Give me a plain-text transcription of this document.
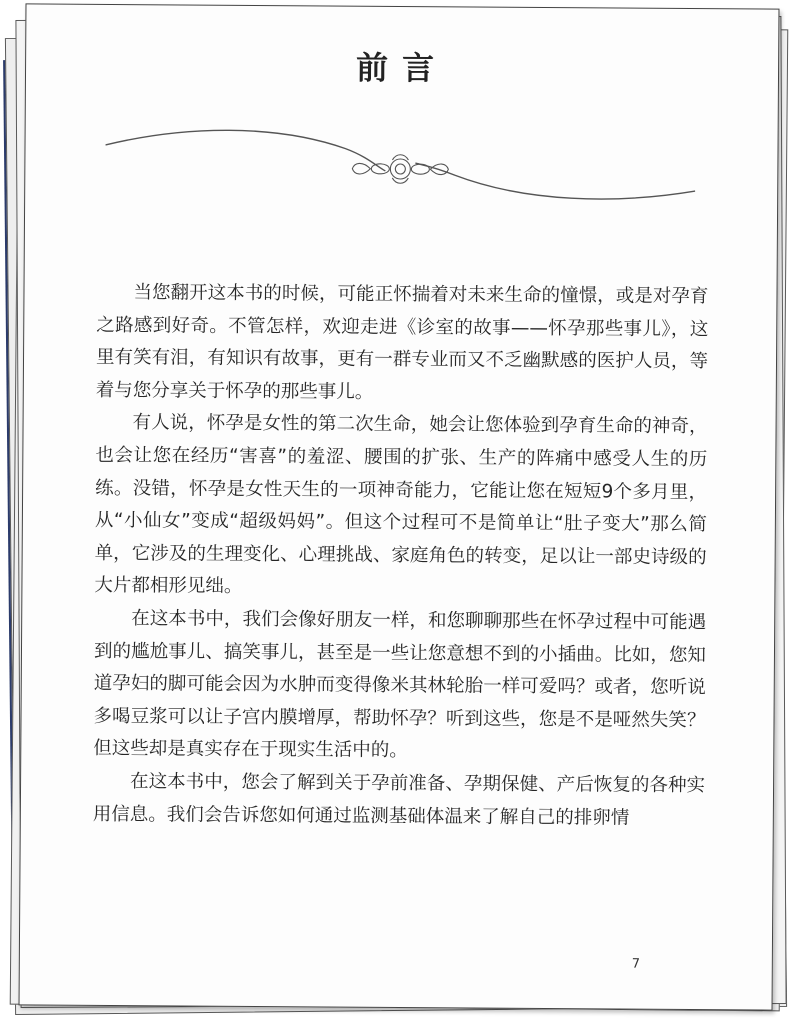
前言

当您翻开这本书的时候，可能正怀揣着对未来生命的憧憬，或是对孕育之路感到好奇。不管怎样，欢迎走进《诊室的故事——怀孕那些事儿》，这里有笑有泪，有知识有故事，更有一群专业而又不乏幽默感的医护人员，等着与您分享关于怀孕的那些事儿。

有人说，怀孕是女性的第二次生命，她会让您体验到孕育生命的神奇，也会让您在经历“害喜”的羞涩、腰围的扩张、生产的阵痛中感受人生的历练。没错，怀孕是女性天生的一项神奇能力，它能让您在短短9个多月里，从“小仙女”变成“超级妈妈”。但这个过程可不是简单让“肚子变大”那么简单，它涉及的生理变化、心理挑战、家庭角色的转变，足以让一部史诗级的大片都相形见绌。

在这本书中，我们会像好朋友一样，和您聊聊那些在怀孕过程中可能遇到的尴尬事儿、搞笑事儿，甚至是一些让您意想不到的小插曲。比如，您知道孕妇的脚可能会因为水肿而变得像米其林轮胎一样可爱吗？或者，您听说多喝豆浆可以让子宫内膜增厚，帮助怀孕？听到这些，您是不是哑然失笑？但这些却是真实存在于现实生活中的。

在这本书中，您会了解到关于孕前准备、孕期保健、产后恢复的各种实用信息。我们会告诉您如何通过监测基础体温来了解自己的排卵情

7
